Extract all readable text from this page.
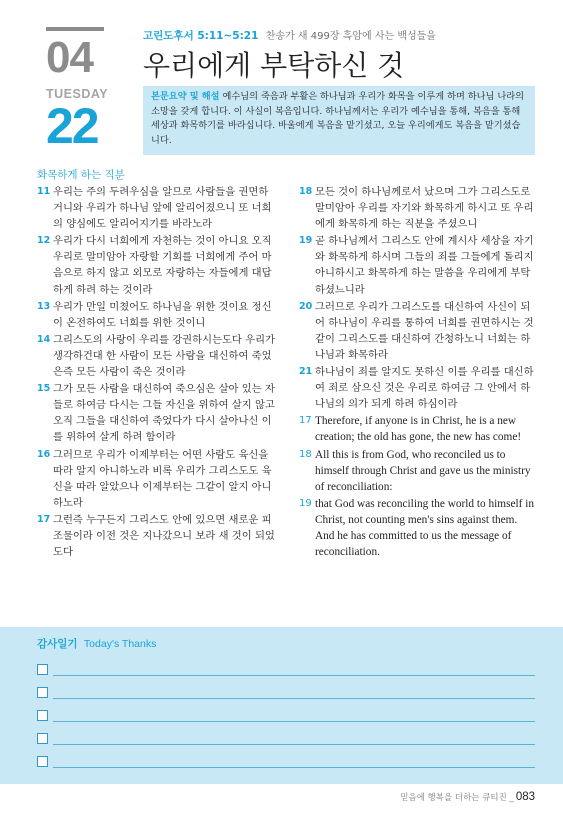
04
TUESDAY
22
고린도후서 5:11~5:21 찬송가 새 499장 흑암에 사는 백성들을
우리에게 부탁하신 것
본문요약 및 해설 예수님의 죽음과 부활은 하나님과 우리가 화목을 이루게 하며 하나님 나라의 소망을 갖게 합니다. 이 사실이 복음입니다. 하나님께서는 우리가 예수님을 통해, 복음을 통해 세상과 화목하기를 바라십니다. 바울에게 복음을 맡기셨고, 오늘 우리에게도 복음을 맡기셨습니다.
화목하게 하는 직분
11 우리는 주의 두려우심을 알므로 사람들을 권면하거니와 우리가 하나님 앞에 알리어졌으니 또 너희의 양심에도 알리어지기를 바라노라
12 우리가 다시 너희에게 자천하는 것이 아니요 오직 우리로 말미암아 자랑할 기회를 너희에게 주어 마음으로 하지 않고 외모로 자랑하는 자들에게 대답하게 하려 하는 것이라
13 우리가 만일 미쳤어도 하나님을 위한 것이요 정신이 온전하여도 너희를 위한 것이니
14 그리스도의 사랑이 우리를 강권하시는도다 우리가 생각하건대 한 사람이 모든 사람을 대신하여 죽었은즉 모든 사람이 죽은 것이라
15 그가 모든 사람을 대신하여 죽으심은 살아 있는 자들로 하여금 다시는 그들 자신을 위하여 살지 않고 오직 그들을 대신하여 죽었다가 다시 살아나신 이를 위하여 살게 하려 함이라
16 그러므로 우리가 이제부터는 어떤 사람도 육신을 따라 알지 아니하노라 비록 우리가 그리스도도 육신을 따라 알았으나 이제부터는 그같이 알지 아니하노라
17 그런즉 누구든지 그리스도 안에 있으면 새로운 피조물이라 이전 것은 지나갔으니 보라 새 것이 되었도다
18 모든 것이 하나님께로서 났으며 그가 그리스도로 말미암아 우리를 자기와 화목하게 하시고 또 우리에게 화목하게 하는 직분을 주셨으니
19 곧 하나님께서 그리스도 안에 계시사 세상을 자기와 화목하게 하시며 그들의 죄를 그들에게 돌리지 아니하시고 화목하게 하는 말씀을 우리에게 부탁하셨느니라
20 그러므로 우리가 그리스도를 대신하여 사신이 되어 하나님이 우리를 통하여 너희를 권면하시는 것 같이 그리스도를 대신하여 간청하노니 너희는 하나님과 화목하라
21 하나님이 죄를 알지도 못하신 이를 우리를 대신하여 죄로 삼으신 것은 우리로 하여금 그 안에서 하나님의 의가 되게 하려 하심이라
17 Therefore, if anyone is in Christ, he is a new creation; the old has gone, the new has come!
18 All this is from God, who reconciled us to himself through Christ and gave us the ministry of reconciliation:
19 that God was reconciling the world to himself in Christ, not counting men's sins against them. And he has committed to us the message of reconciliation.
감사일기 Today's Thanks
믿음에 행복을 더하는 큐티진 _ 083
